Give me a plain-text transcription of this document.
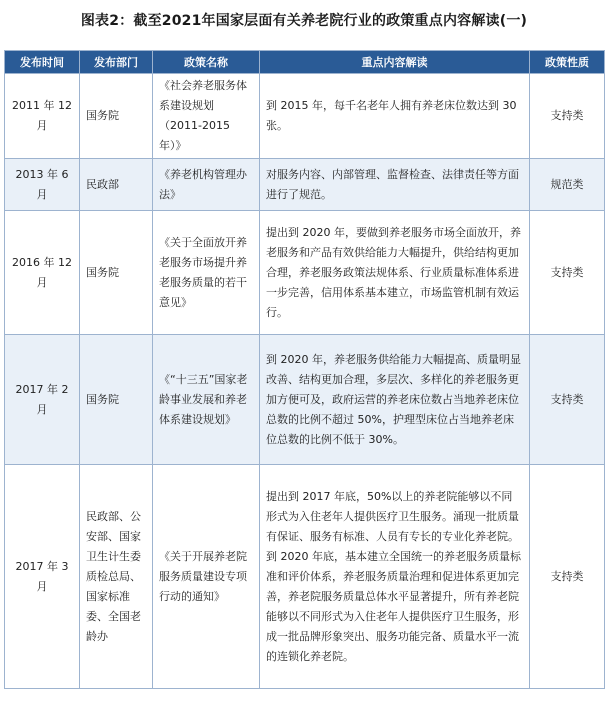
图表2：截至2021年国家层面有关养老院行业的政策重点内容解读(一)
发布时间	发布部门	政策名称	重点内容解读	政策性质
2011 年 12 月	国务院	《社会养老服务体系建设规划（2011-2015 年）》	到 2015 年，每千名老年人拥有养老床位数达到 30 张。	支持类
2013 年 6 月	民政部	《养老机构管理办法》	对服务内容、内部管理、监督检查、法律责任等方面进行了规范。	规范类
2016 年 12 月	国务院	《关于全面放开养老服务市场提升养老服务质量的若干意见》	提出到 2020 年，要做到养老服务市场全面放开，养老服务和产品有效供给能力大幅提升，供给结构更加合理，养老服务政策法规体系、行业质量标准体系进一步完善，信用体系基本建立，市场监管机制有效运行。	支持类
2017 年 2 月	国务院	《“十三五”国家老龄事业发展和养老体系建设规划》	到 2020 年，养老服务供给能力大幅提高、质量明显改善、结构更加合理，多层次、多样化的养老服务更加方便可及，政府运营的养老床位数占当地养老床位总数的比例不超过 50%，护理型床位占当地养老床位总数的比例不低于 30%。	支持类
2017 年 3 月	民政部、公安部、国家卫生计生委质检总局、国家标准委、全国老龄办	《关于开展养老院服务质量建设专项行动的通知》	提出到 2017 年底，50%以上的养老院能够以不同形式为入住老年人提供医疗卫生服务。涌现一批质量有保证、服务有标准、人员有专长的专业化养老院。

到 2020 年底，基本建立全国统一的养老服务质量标准和评价体系，养老服务质量治理和促进体系更加完善，养老院服务质量总体水平显著提升，所有养老院能够以不同形式为入住老年人提供医疗卫生服务，形成一批品牌形象突出、服务功能完备、质量水平一流的连锁化养老院。	支持类
